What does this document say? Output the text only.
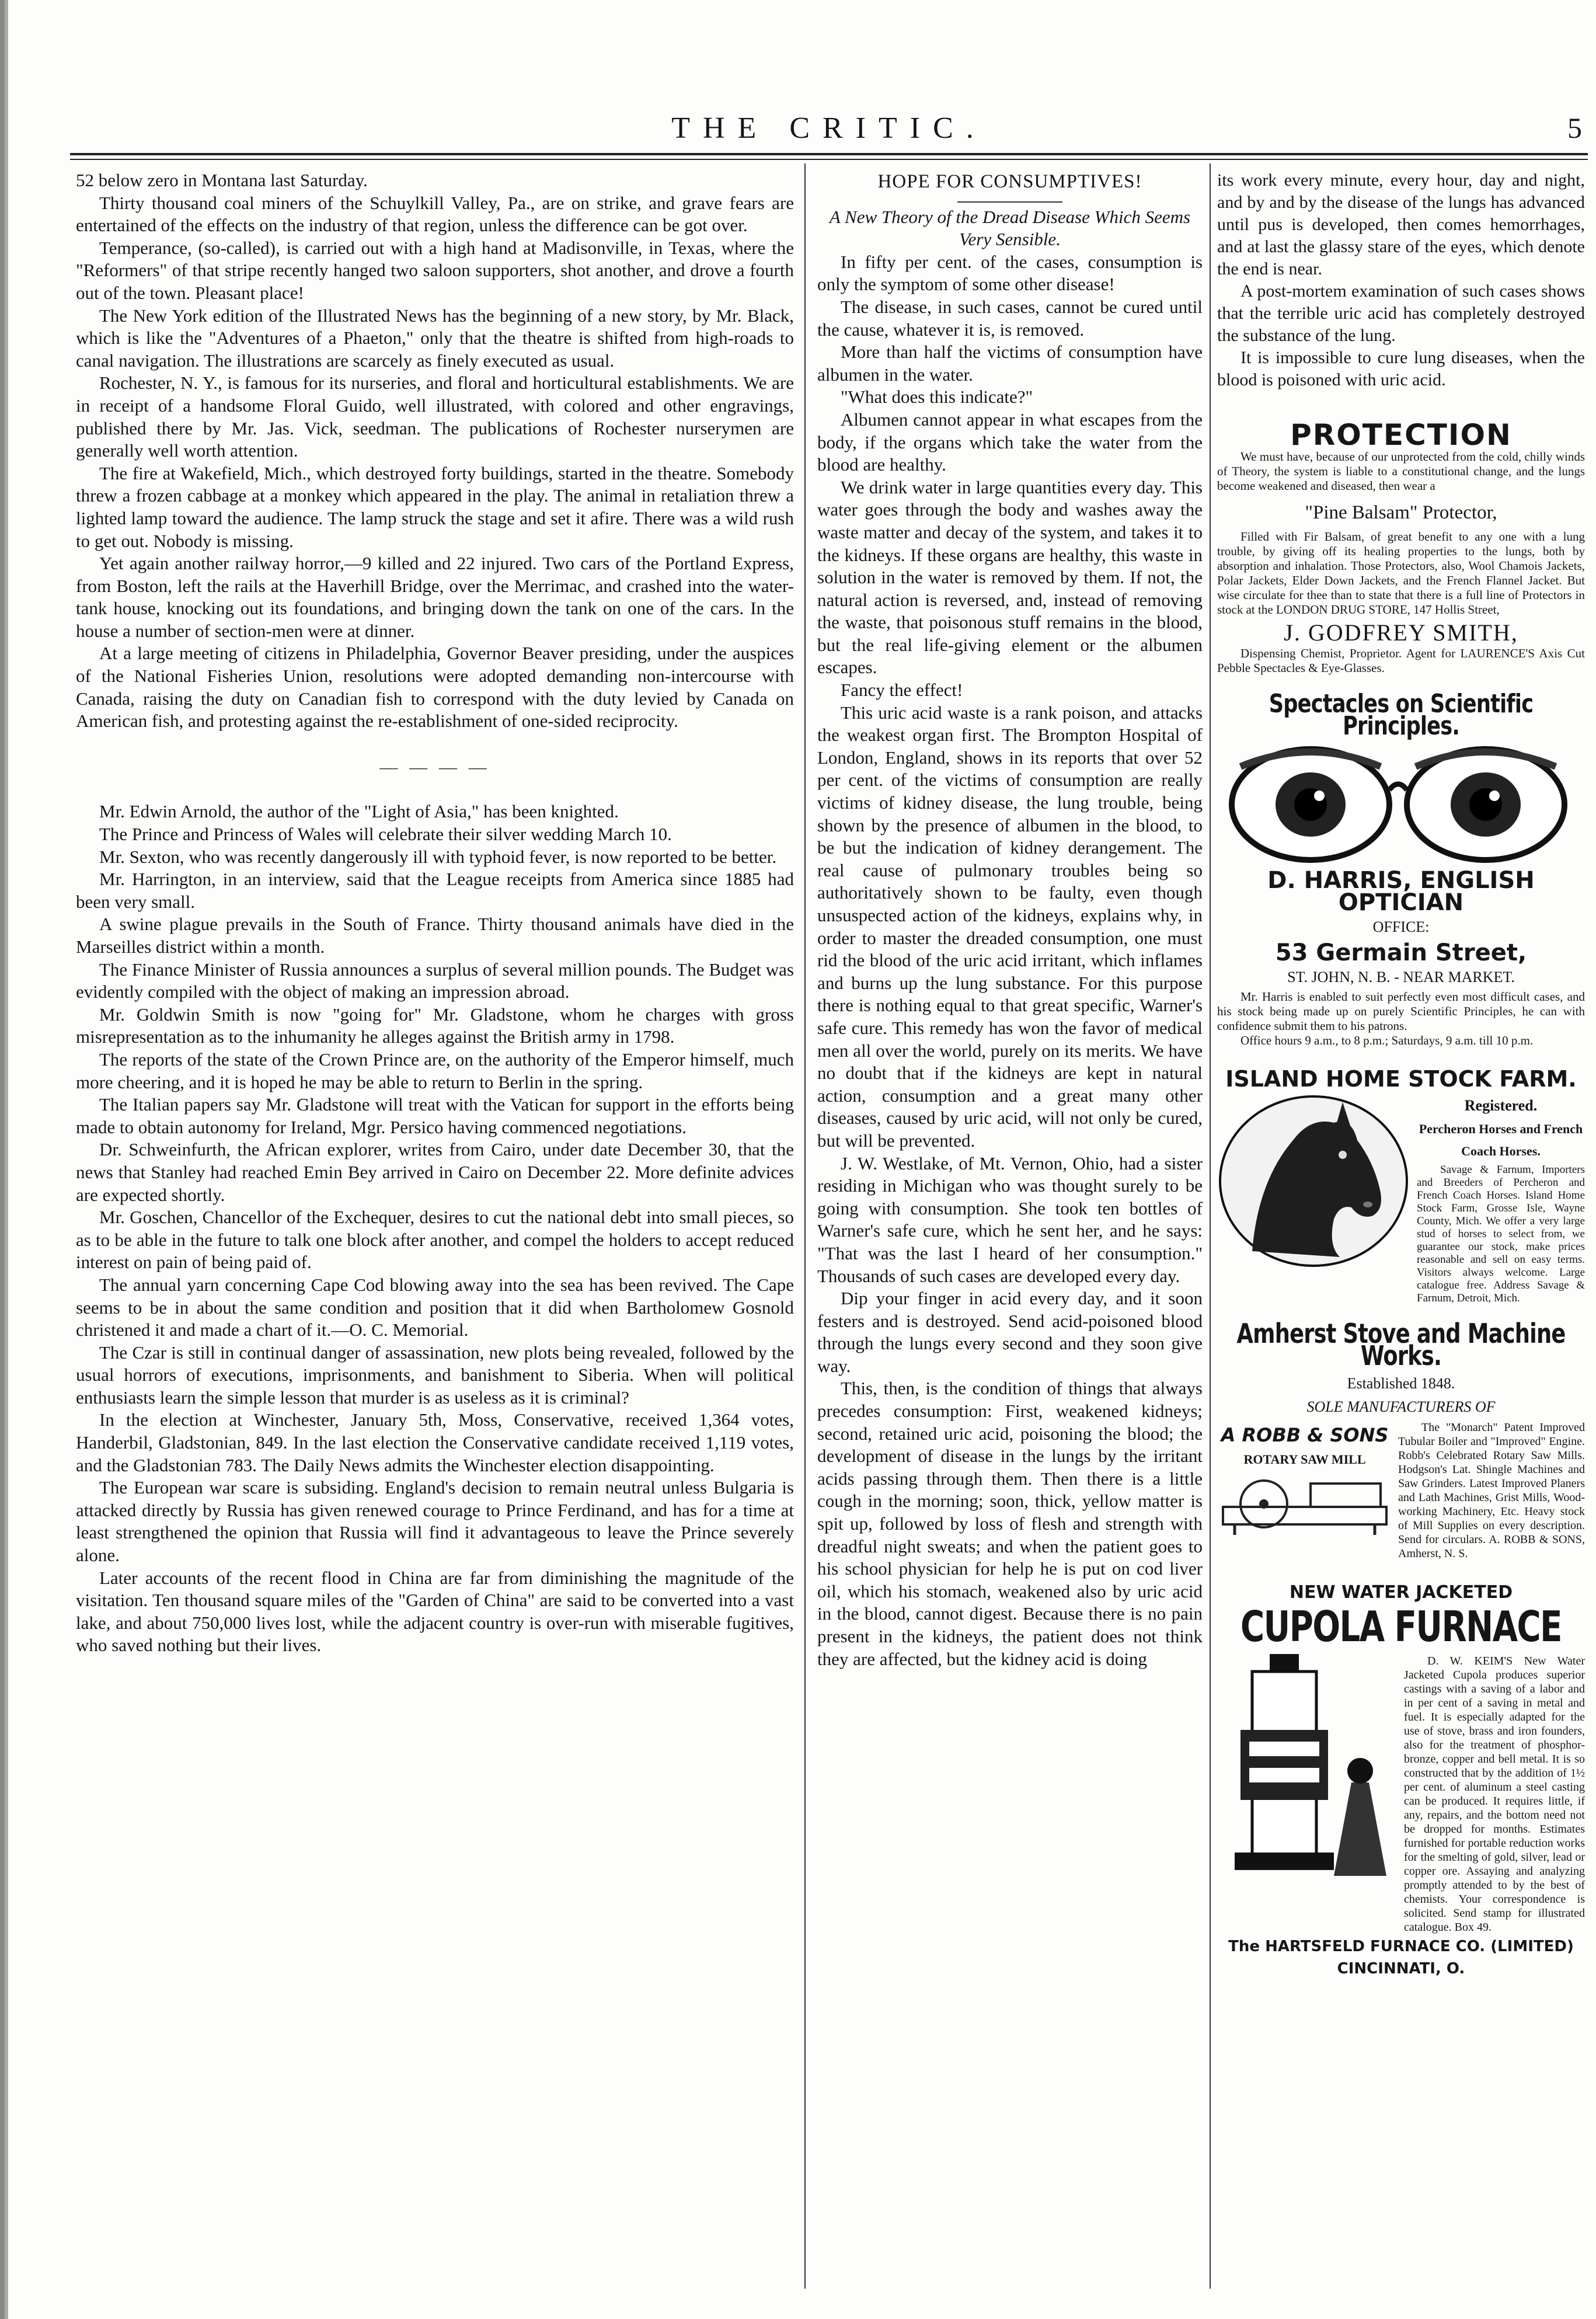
THE CRITIC.	5

52 below zero in Montana last Saturday.

Thirty thousand coal miners of the Schuylkill Valley, Pa., are on strike, and grave fears are entertained of the effects on the industry of that region, unless the difference can be got over.

Temperance, (so-called), is carried out with a high hand at Madisonville, in Texas, where the "Reformers" of that stripe recently hanged two saloon supporters, shot another, and drove a fourth out of the town. Pleasant place!

The New York edition of the Illustrated News has the beginning of a new story, by Mr. Black, which is like the "Adventures of a Phaeton," only that the theatre is shifted from high-roads to canal navigation. The illustrations are scarcely as finely executed as usual.

Rochester, N. Y., is famous for its nurseries, and floral and horticultural establishments. We are in receipt of a handsome Floral Guido, well illustrated, with colored and other engravings, published there by Mr. Jas. Vick, seedman. The publications of Rochester nurserymen are generally well worth attention.

The fire at Wakefield, Mich., which destroyed forty buildings, started in the theatre. Somebody threw a frozen cabbage at a monkey which appeared in the play. The animal in retaliation threw a lighted lamp toward the audience. The lamp struck the stage and set it afire. There was a wild rush to get out. Nobody is missing.

Yet again another railway horror,—9 killed and 22 injured. Two cars of the Portland Express, from Boston, left the rails at the Haverhill Bridge, over the Merrimac, and crashed into the water-tank house, knocking out its foundations, and bringing down the tank on one of the cars. In the house a number of section-men were at dinner.

At a large meeting of citizens in Philadelphia, Governor Beaver presiding, under the auspices of the National Fisheries Union, resolutions were adopted demanding non-intercourse with Canada, raising the duty on Canadian fish to correspond with the duty levied by Canada on American fish, and protesting against the re-establishment of one-sided reciprocity.

— — — —

Mr. Edwin Arnold, the author of the "Light of Asia," has been knighted.

The Prince and Princess of Wales will celebrate their silver wedding March 10.

Mr. Sexton, who was recently dangerously ill with typhoid fever, is now reported to be better.

Mr. Harrington, in an interview, said that the League receipts from America since 1885 had been very small.

A swine plague prevails in the South of France. Thirty thousand animals have died in the Marseilles district within a month.

The Finance Minister of Russia announces a surplus of several million pounds. The Budget was evidently compiled with the object of making an impression abroad.

Mr. Goldwin Smith is now "going for" Mr. Gladstone, whom he charges with gross misrepresentation as to the inhumanity he alleges against the British army in 1798.

The reports of the state of the Crown Prince are, on the authority of the Emperor himself, much more cheering, and it is hoped he may be able to return to Berlin in the spring.

The Italian papers say Mr. Gladstone will treat with the Vatican for support in the efforts being made to obtain autonomy for Ireland, Mgr. Persico having commenced negotiations.

Dr. Schweinfurth, the African explorer, writes from Cairo, under date December 30, that the news that Stanley had reached Emin Bey arrived in Cairo on December 22. More definite advices are expected shortly.

Mr. Goschen, Chancellor of the Exchequer, desires to cut the national debt into small pieces, so as to be able in the future to talk one block after another, and compel the holders to accept reduced interest on pain of being paid of.

The annual yarn concerning Cape Cod blowing away into the sea has been revived. The Cape seems to be in about the same condition and position that it did when Bartholomew Gosnold christened it and made a chart of it.—O. C. Memorial.

The Czar is still in continual danger of assassination, new plots being revealed, followed by the usual horrors of executions, imprisonments, and banishment to Siberia. When will political enthusiasts learn the simple lesson that murder is as useless as it is criminal?

In the election at Winchester, January 5th, Moss, Conservative, received 1,364 votes, Handerbil, Gladstonian, 849. In the last election the Conservative candidate received 1,119 votes, and the Gladstonian 783. The Daily News admits the Winchester election disappointing.

The European war scare is subsiding. England's decision to remain neutral unless Bulgaria is attacked directly by Russia has given renewed courage to Prince Ferdinand, and has for a time at least strengthened the opinion that Russia will find it advantageous to leave the Prince severely alone.

Later accounts of the recent flood in China are far from diminishing the magnitude of the visitation. Ten thousand square miles of the "Garden of China" are said to be converted into a vast lake, and about 750,000 lives lost, while the adjacent country is over-run with miserable fugitives, who saved nothing but their lives.

HOPE FOR CONSUMPTIVES!

A New Theory of the Dread Disease Which Seems Very Sensible.

In fifty per cent. of the cases, consumption is only the symptom of some other disease!

The disease, in such cases, cannot be cured until the cause, whatever it is, is removed.

More than half the victims of consumption have albumen in the water.

"What does this indicate?"

Albumen cannot appear in what escapes from the body, if the organs which take the water from the blood are healthy.

We drink water in large quantities every day. This water goes through the body and washes away the waste matter and decay of the system, and takes it to the kidneys. If these organs are healthy, this waste in solution in the water is removed by them. If not, the natural action is reversed, and, instead of removing the waste, that poisonous stuff remains in the blood, but the real life-giving element or the albumen escapes.

Fancy the effect!

This uric acid waste is a rank poison, and attacks the weakest organ first. The Brompton Hospital of London, England, shows in its reports that over 52 per cent. of the victims of consumption are really victims of kidney disease, the lung trouble, being shown by the presence of albumen in the blood, to be but the indication of kidney derangement. The real cause of pulmonary troubles being so authoritatively shown to be faulty, even though unsuspected action of the kidneys, explains why, in order to master the dreaded consumption, one must rid the blood of the uric acid irritant, which inflames and burns up the lung substance. For this purpose there is nothing equal to that great specific, Warner's safe cure. This remedy has won the favor of medical men all over the world, purely on its merits. We have no doubt that if the kidneys are kept in natural action, consumption and a great many other diseases, caused by uric acid, will not only be cured, but will be prevented.

J. W. Westlake, of Mt. Vernon, Ohio, had a sister residing in Michigan who was thought surely to be going with consumption. She took ten bottles of Warner's safe cure, which he sent her, and he says: "That was the last I heard of her consumption." Thousands of such cases are developed every day.

Dip your finger in acid every day, and it soon festers and is destroyed. Send acid-poisoned blood through the lungs every second and they soon give way.

This, then, is the condition of things that always precedes consumption: First, weakened kidneys; second, retained uric acid, poisoning the blood; the development of disease in the lungs by the irritant acids passing through them. Then there is a little cough in the morning; soon, thick, yellow matter is spit up, followed by loss of flesh and strength with dreadful night sweats; and when the patient goes to his school physician for help he is put on cod liver oil, which his stomach, weakened also by uric acid in the blood, cannot digest. Because there is no pain present in the kidneys, the patient does not think they are affected, but the kidney acid is doing

its work every minute, every hour, day and night, and by and by the disease of the lungs has advanced until pus is developed, then comes hemorrhages, and at last the glassy stare of the eyes, which denote the end is near.

A post-mortem examination of such cases shows that the terrible uric acid has completely destroyed the substance of the lung.

It is impossible to cure lung diseases, when the blood is poisoned with uric acid.

PROTECTION

We must have, because of our unprotected from the cold, chilly winds of Theory, the system is liable to a constitutional change, and the lungs become weakened and diseased, then wear a

"Pine Balsam" Protector,

Filled with Fir Balsam, of great benefit to any one with a lung trouble, by giving off its healing properties to the lungs, both by absorption and inhalation. Those Protectors, also, Wool Chamois Jackets, Polar Jackets, Elder Down Jackets, and the French Flannel Jacket. But wise circulate for thee than to state that there is a full line of Protectors in stock at the LONDON DRUG STORE, 147 Hollis Street,

J. GODFREY SMITH,

Dispensing Chemist, Proprietor. Agent for LAURENCE'S Axis Cut Pebble Spectacles & Eye-Glasses.

Spectacles on Scientific Principles.
D. HARRIS, ENGLISH OPTICIAN
OFFICE:
53 Germain Street,
ST. JOHN, N. B. - NEAR MARKET.

Mr. Harris is enabled to suit perfectly even most difficult cases, and his stock being made up on purely Scientific Principles, he can with confidence submit them to his patrons.

Office hours 9 a.m., to 8 p.m.; Saturdays, 9 a.m. till 10 p.m.

ISLAND HOME STOCK FARM.
Registered.
Percheron Horses and French Coach Horses.

Savage & Farnum, Importers and Breeders of Percheron and French Coach Horses. Island Home Stock Farm, Grosse Isle, Wayne County, Mich. We offer a very large stud of horses to select from, we guarantee our stock, make prices reasonable and sell on easy terms. Visitors always welcome. Large catalogue free. Address Savage & Farnum, Detroit, Mich.

Amherst Stove and Machine Works.
Established 1848.
SOLE MANUFACTURERS OF
A ROBB & SONS
ROTARY SAW MILL

The "Monarch" Patent Improved Tubular Boiler and "Improved" Engine. Robb's Celebrated Rotary Saw Mills. Hodgson's Lat. Shingle Machines and Saw Grinders. Latest Improved Planers and Lath Machines, Grist Mills, Wood-working Machinery, Etc. Heavy stock of Mill Supplies on every description. Send for circulars. A. ROBB & SONS, Amherst, N. S.

NEW WATER JACKETED
CUPOLA FURNACE

D. W. KEIM'S New Water Jacketed Cupola produces superior castings with a saving of a labor and in per cent of a saving in metal and fuel. It is especially adapted for the use of stove, brass and iron founders, also for the treatment of phosphor-bronze, copper and bell metal. It is so constructed that by the addition of 1½ per cent. of aluminum a steel casting can be produced. It requires little, if any, repairs, and the bottom need not be dropped for months. Estimates furnished for portable reduction works for the smelting of gold, silver, lead or copper ore. Assaying and analyzing promptly attended to by the best of chemists. Your correspondence is solicited. Send stamp for illustrated catalogue. Box 49.

The HARTSFELD FURNACE CO. (LIMITED) CINCINNATI, O.
